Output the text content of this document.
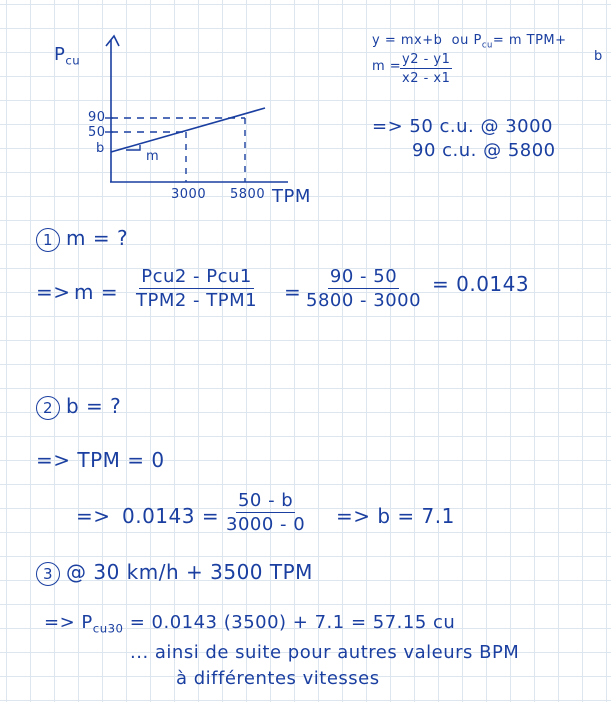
$P_{cu}$
90
50
b
m
3000 5800 TPM
y = mx+b ou $P_{cu}= m$ TPM+
b
m =
$\frac{y2 - y1}{x2 - x1}$
=> 50 c.u. @ 3000
90 c.u. @ 5800
1 m = ?
=> m =
Pcu2 - Pcu1
$TPM2 - TPM1 = \frac{90 - 50}{5800 - 3000} = 0.0143$
2 b = ?
=> TPM = 0
=> $0.0143 = \frac{50 - b}{3000 - 0} => b = 7.1$
3 @ 30 km/h + 3500 TPM
=> $P_{cu30} = 0.0143$ (3500) + 7.1 = 57.15 cu
... ainsi de suite pour autres valeurs BPM
à différentes vitesses
